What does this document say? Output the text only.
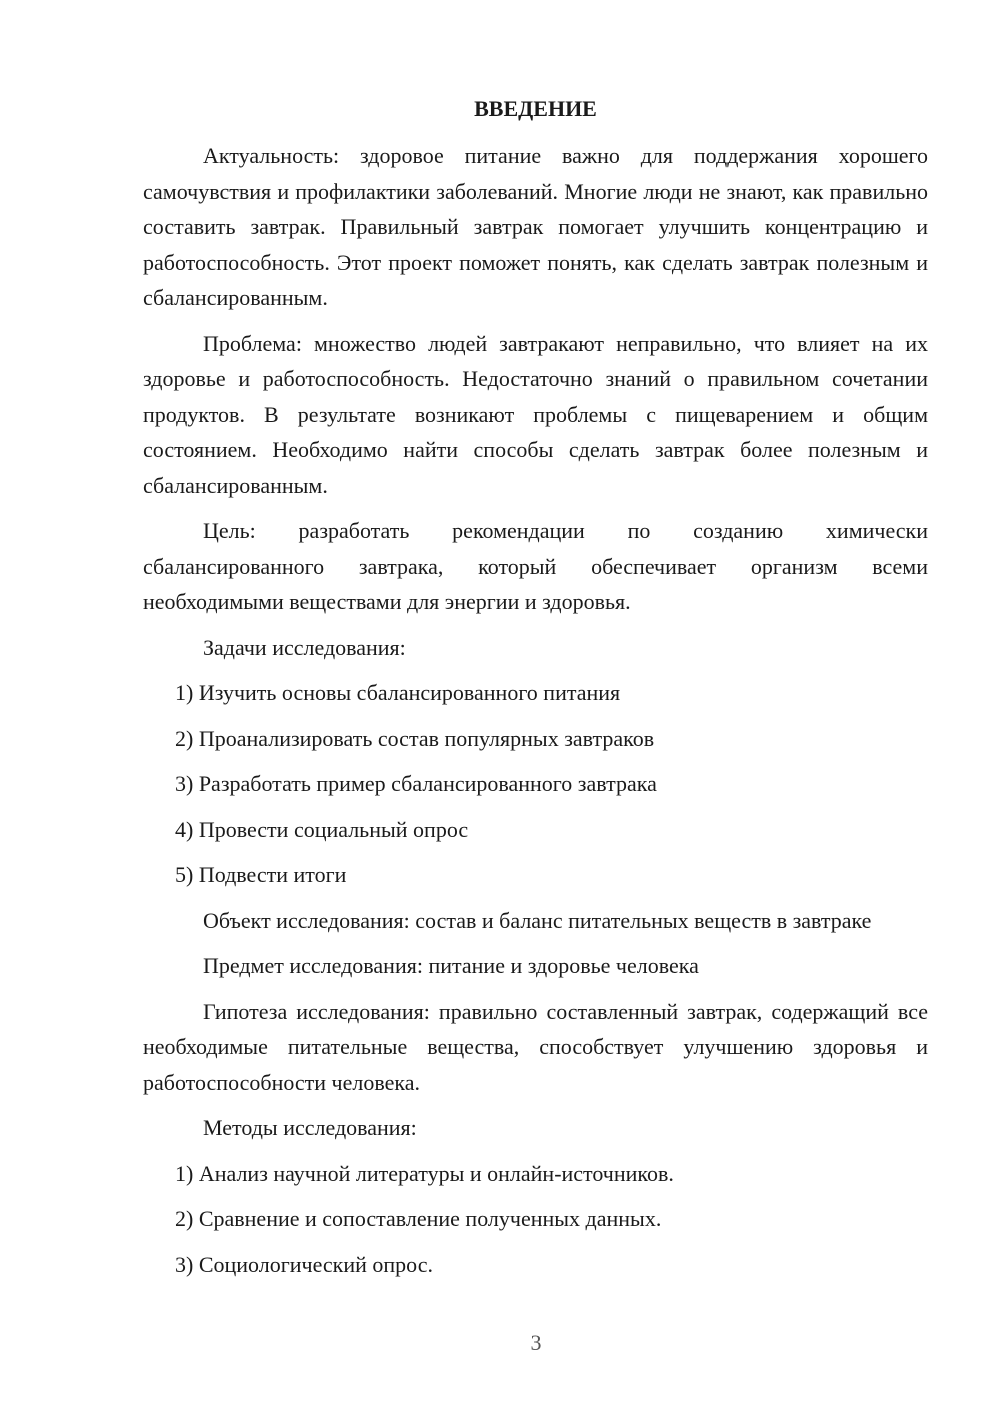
ВВЕДЕНИЕ

Актуальность: здоровое питание важно для поддержания хорошего самочувствия и профилактики заболеваний. Многие люди не знают, как правильно составить завтрак. Правильный завтрак помогает улучшить концентрацию и работоспособность. Этот проект поможет понять, как сделать завтрак полезным и сбалансированным.

Проблема: множество людей завтракают неправильно, что влияет на их здоровье и работоспособность. Недостаточно знаний о правильном сочетании продуктов. В результате возникают проблемы с пищеварением и общим состоянием. Необходимо найти способы сделать завтрак более полезным и сбалансированным.

Цель: разработать рекомендации по созданию химически сбалансированного завтрака, который обеспечивает организм всеми необходимыми веществами для энергии и здоровья.

Задачи исследования:

1) Изучить основы сбалансированного питания
2) Проанализировать состав популярных завтраков
3) Разработать пример сбалансированного завтрака
4) Провести социальный опрос
5) Подвести итоги

Объект исследования: состав и баланс питательных веществ в завтраке

Предмет исследования: питание и здоровье человека

Гипотеза исследования: правильно составленный завтрак, содержащий все необходимые питательные вещества, способствует улучшению здоровья и работоспособности человека.

Методы исследования:

1) Анализ научной литературы и онлайн-источников.
2) Сравнение и сопоставление полученных данных.
3) Социологический опрос.
3
